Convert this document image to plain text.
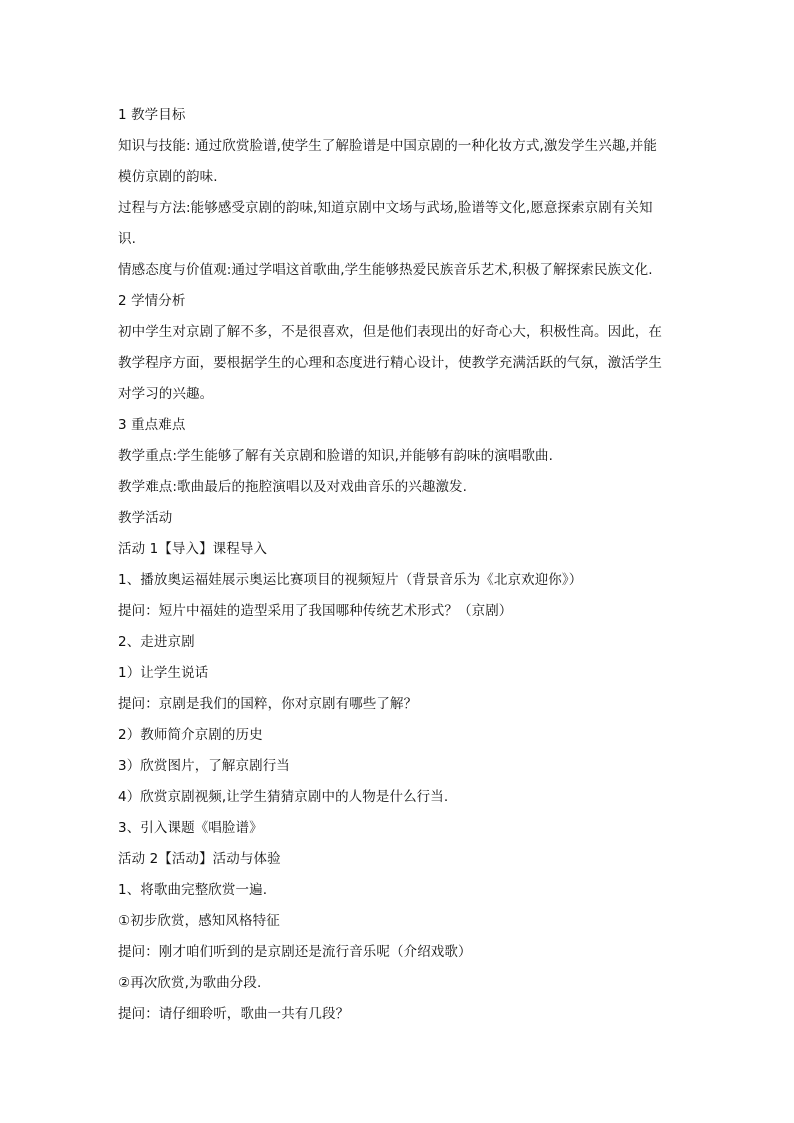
1 教学目标
知识与技能: 通过欣赏脸谱,使学生了解脸谱是中国京剧的一种化妆方式,激发学生兴趣,并能
模仿京剧的韵味.
过程与方法:能够感受京剧的韵味,知道京剧中文场与武场,脸谱等文化,愿意探索京剧有关知
识.
情感态度与价值观:通过学唱这首歌曲,学生能够热爱民族音乐艺术,积极了解探索民族文化.
2 学情分析
初中学生对京剧了解不多，不是很喜欢，但是他们表现出的好奇心大，积极性高。因此，在
教学程序方面，要根据学生的心理和态度进行精心设计，使教学充满活跃的气氛，激活学生
对学习的兴趣。
3 重点难点
教学重点:学生能够了解有关京剧和脸谱的知识,并能够有韵味的演唱歌曲.
教学难点:歌曲最后的拖腔演唱以及对戏曲音乐的兴趣激发.
教学活动
活动 1【导入】课程导入
1、播放奥运福娃展示奥运比赛项目的视频短片（背景音乐为《北京欢迎你》）
提问：短片中福娃的造型采用了我国哪种传统艺术形式？（京剧）
2、走进京剧
1）让学生说话
提问：京剧是我们的国粹，你对京剧有哪些了解？
2）教师简介京剧的历史
3）欣赏图片，了解京剧行当
4）欣赏京剧视频,让学生猜猜京剧中的人物是什么行当.
3、引入课题《唱脸谱》
活动 2【活动】活动与体验
1、将歌曲完整欣赏一遍.
①初步欣赏，感知风格特征
提问：刚才咱们听到的是京剧还是流行音乐呢（介绍戏歌）
②再次欣赏,为歌曲分段.
提问：请仔细聆听，歌曲一共有几段？
